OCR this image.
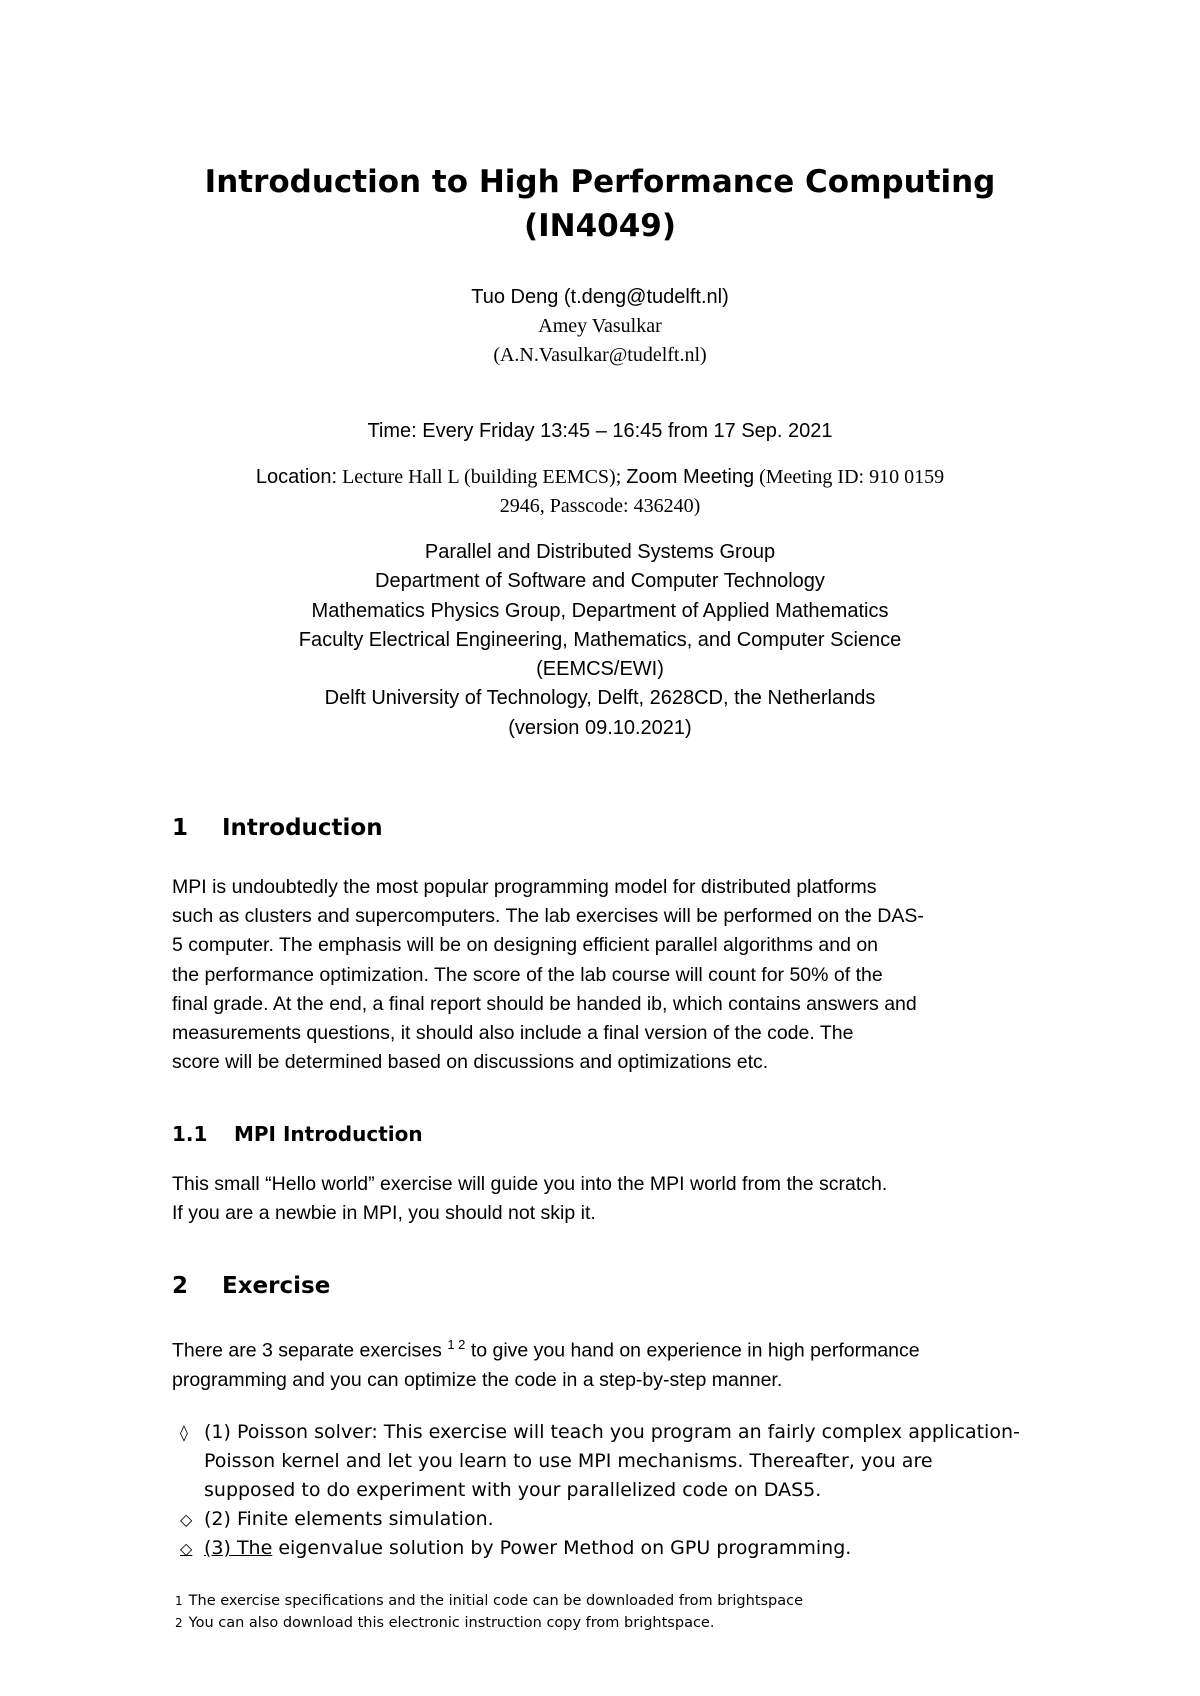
Introduction to High Performance Computing
(IN4049)
Tuo Deng (t.deng@tudelft.nl)
Amey Vasulkar
(A.N.Vasulkar@tudelft.nl)
Time: Every Friday 13:45 – 16:45 from 17 Sep. 2021
Location: Lecture Hall L (building EEMCS); Zoom Meeting (Meeting ID: 910 0159
2946, Passcode: 436240)
Parallel and Distributed Systems Group
Department of Software and Computer Technology
Mathematics Physics Group, Department of Applied Mathematics
Faculty Electrical Engineering, Mathematics, and Computer Science
(EEMCS/EWI)
Delft University of Technology, Delft, 2628CD, the Netherlands
(version 09.10.2021)
1 Introduction
MPI is undoubtedly the most popular programming model for distributed platforms
such as clusters and supercomputers. The lab exercises will be performed on the DAS-
5 computer. The emphasis will be on designing efficient parallel algorithms and on
the performance optimization. The score of the lab course will count for 50% of the
final grade. At the end, a final report should be handed ib, which contains answers and
measurements questions, it should also include a final version of the code. The
score will be determined based on discussions and optimizations etc.
1.1 MPI Introduction
This small “Hello world” exercise will guide you into the MPI world from the scratch.
If you are a newbie in MPI, you should not skip it.
2 Exercise
There are 3 separate exercises $^{1 2}$ to give you hand on experience in high performance
programming and you can optimize the code in a step-by-step manner.
◊ (1) Poisson solver: This exercise will teach you program an fairly complex application-
Poisson kernel and let you learn to use MPI mechanisms. Thereafter, you are
supposed to do experiment with your parallelized code on DAS5.
◇ (2) Finite elements simulation.
◇ (3) The eigenvalue solution by Power Method on GPU programming.
$^1$ The exercise specifications and the initial code can be downloaded from brightspace
$^2$ You can also download this electronic instruction copy from brightspace.
